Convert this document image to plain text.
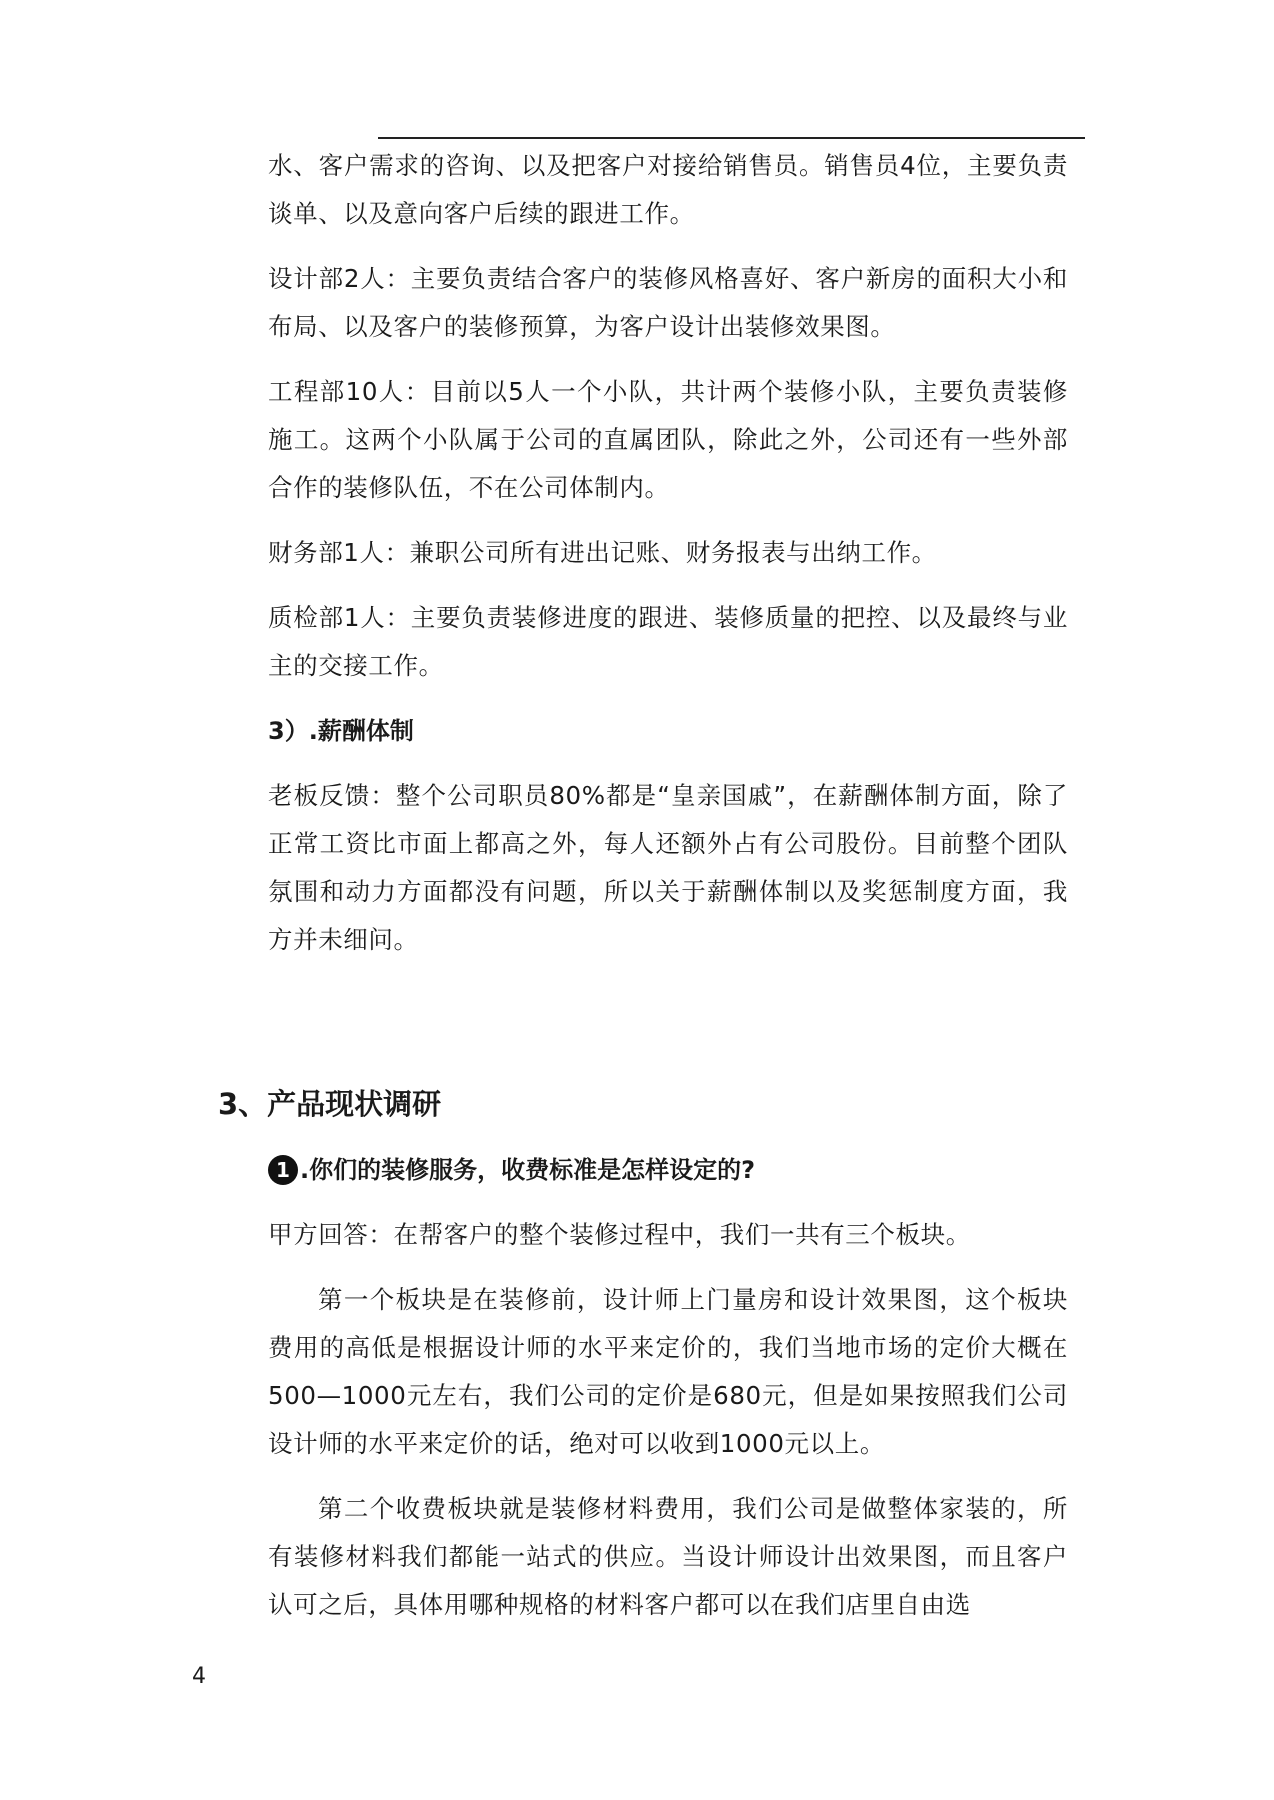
水、客户需求的咨询、以及把客户对接给销售员。销售员4位，主要负责谈单、以及意向客户后续的跟进工作。

设计部2人：主要负责结合客户的装修风格喜好、客户新房的面积大小和布局、以及客户的装修预算，为客户设计出装修效果图。

工程部10人：目前以5人一个小队，共计两个装修小队，主要负责装修施工。这两个小队属于公司的直属团队，除此之外，公司还有一些外部合作的装修队伍，不在公司体制内。

财务部1人：兼职公司所有进出记账、财务报表与出纳工作。

质检部1人：主要负责装修进度的跟进、装修质量的把控、以及最终与业主的交接工作。

3）.薪酬体制

老板反馈：整个公司职员80%都是“皇亲国戚”，在薪酬体制方面，除了正常工资比市面上都高之外，每人还额外占有公司股份。目前整个团队氛围和动力方面都没有问题，所以关于薪酬体制以及奖惩制度方面，我方并未细问。

3、产品现状调研

1 .你们的装修服务，收费标准是怎样设定的?

甲方回答：在帮客户的整个装修过程中，我们一共有三个板块。

第一个板块是在装修前，设计师上门量房和设计效果图，这个板块费用的高低是根据设计师的水平来定价的，我们当地市场的定价大概在500—1000元左右，我们公司的定价是680元，但是如果按照我们公司设计师的水平来定价的话，绝对可以收到1000元以上。

第二个收费板块就是装修材料费用，我们公司是做整体家装的，所有装修材料我们都能一站式的供应。当设计师设计出效果图，而且客户认可之后，具体用哪种规格的材料客户都可以在我们店里自由选

4
